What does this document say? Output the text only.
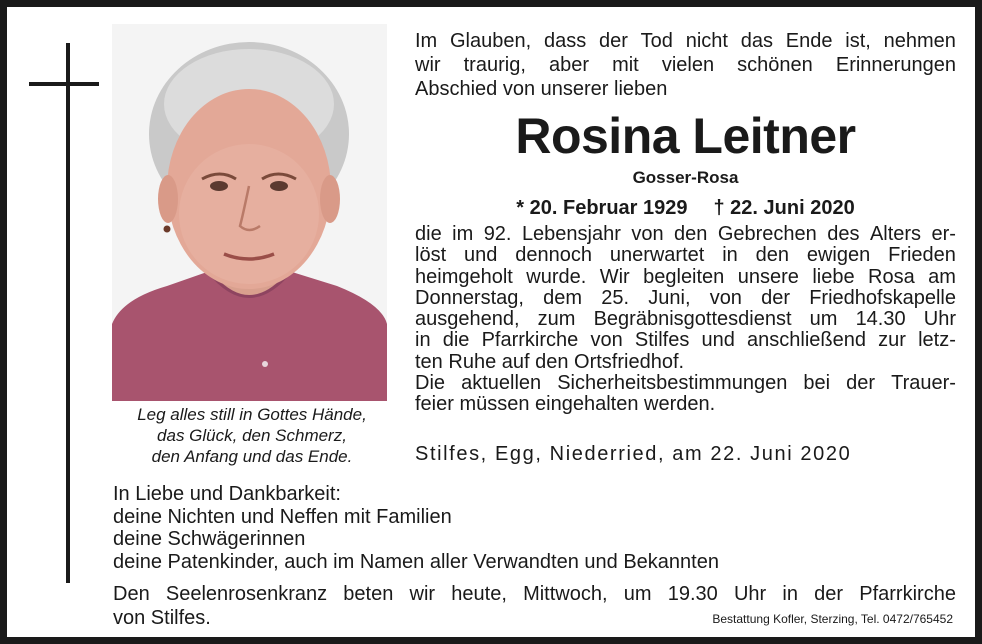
Leg alles still in Gottes Hände,
das Glück, den Schmerz,
den Anfang und das Ende.
Im Glauben, dass der Tod nicht das Ende ist, nehmen
wir traurig, aber mit vielen schönen Erinnerungen
Abschied von unserer lieben
Rosina Leitner
Gosser-Rosa
* 20. Februar 1929 † 22. Juni 2020
die im 92. Lebensjahr von den Gebrechen des Alters er-
löst und dennoch unerwartet in den ewigen Frieden
heimgeholt wurde. Wir begleiten unsere liebe Rosa am
Donnerstag, dem 25. Juni, von der Friedhofskapelle
ausgehend, zum Begräbnisgottesdienst um 14.30 Uhr
in die Pfarrkirche von Stilfes und anschließend zur letz-
ten Ruhe auf den Ortsfriedhof.
Die aktuellen Sicherheitsbestimmungen bei der Trauer-
feier müssen eingehalten werden.
Stilfes, Egg, Niederried, am 22. Juni 2020
In Liebe und Dankbarkeit:
deine Nichten und Neffen mit Familien
deine Schwägerinnen
deine Patenkinder, auch im Namen aller Verwandten und Bekannten
Den Seelenrosenkranz beten wir heute, Mittwoch, um 19.30 Uhr in der Pfarrkirche
von Stilfes.	Bestattung Kofler, Sterzing, Tel. 0472/765452
